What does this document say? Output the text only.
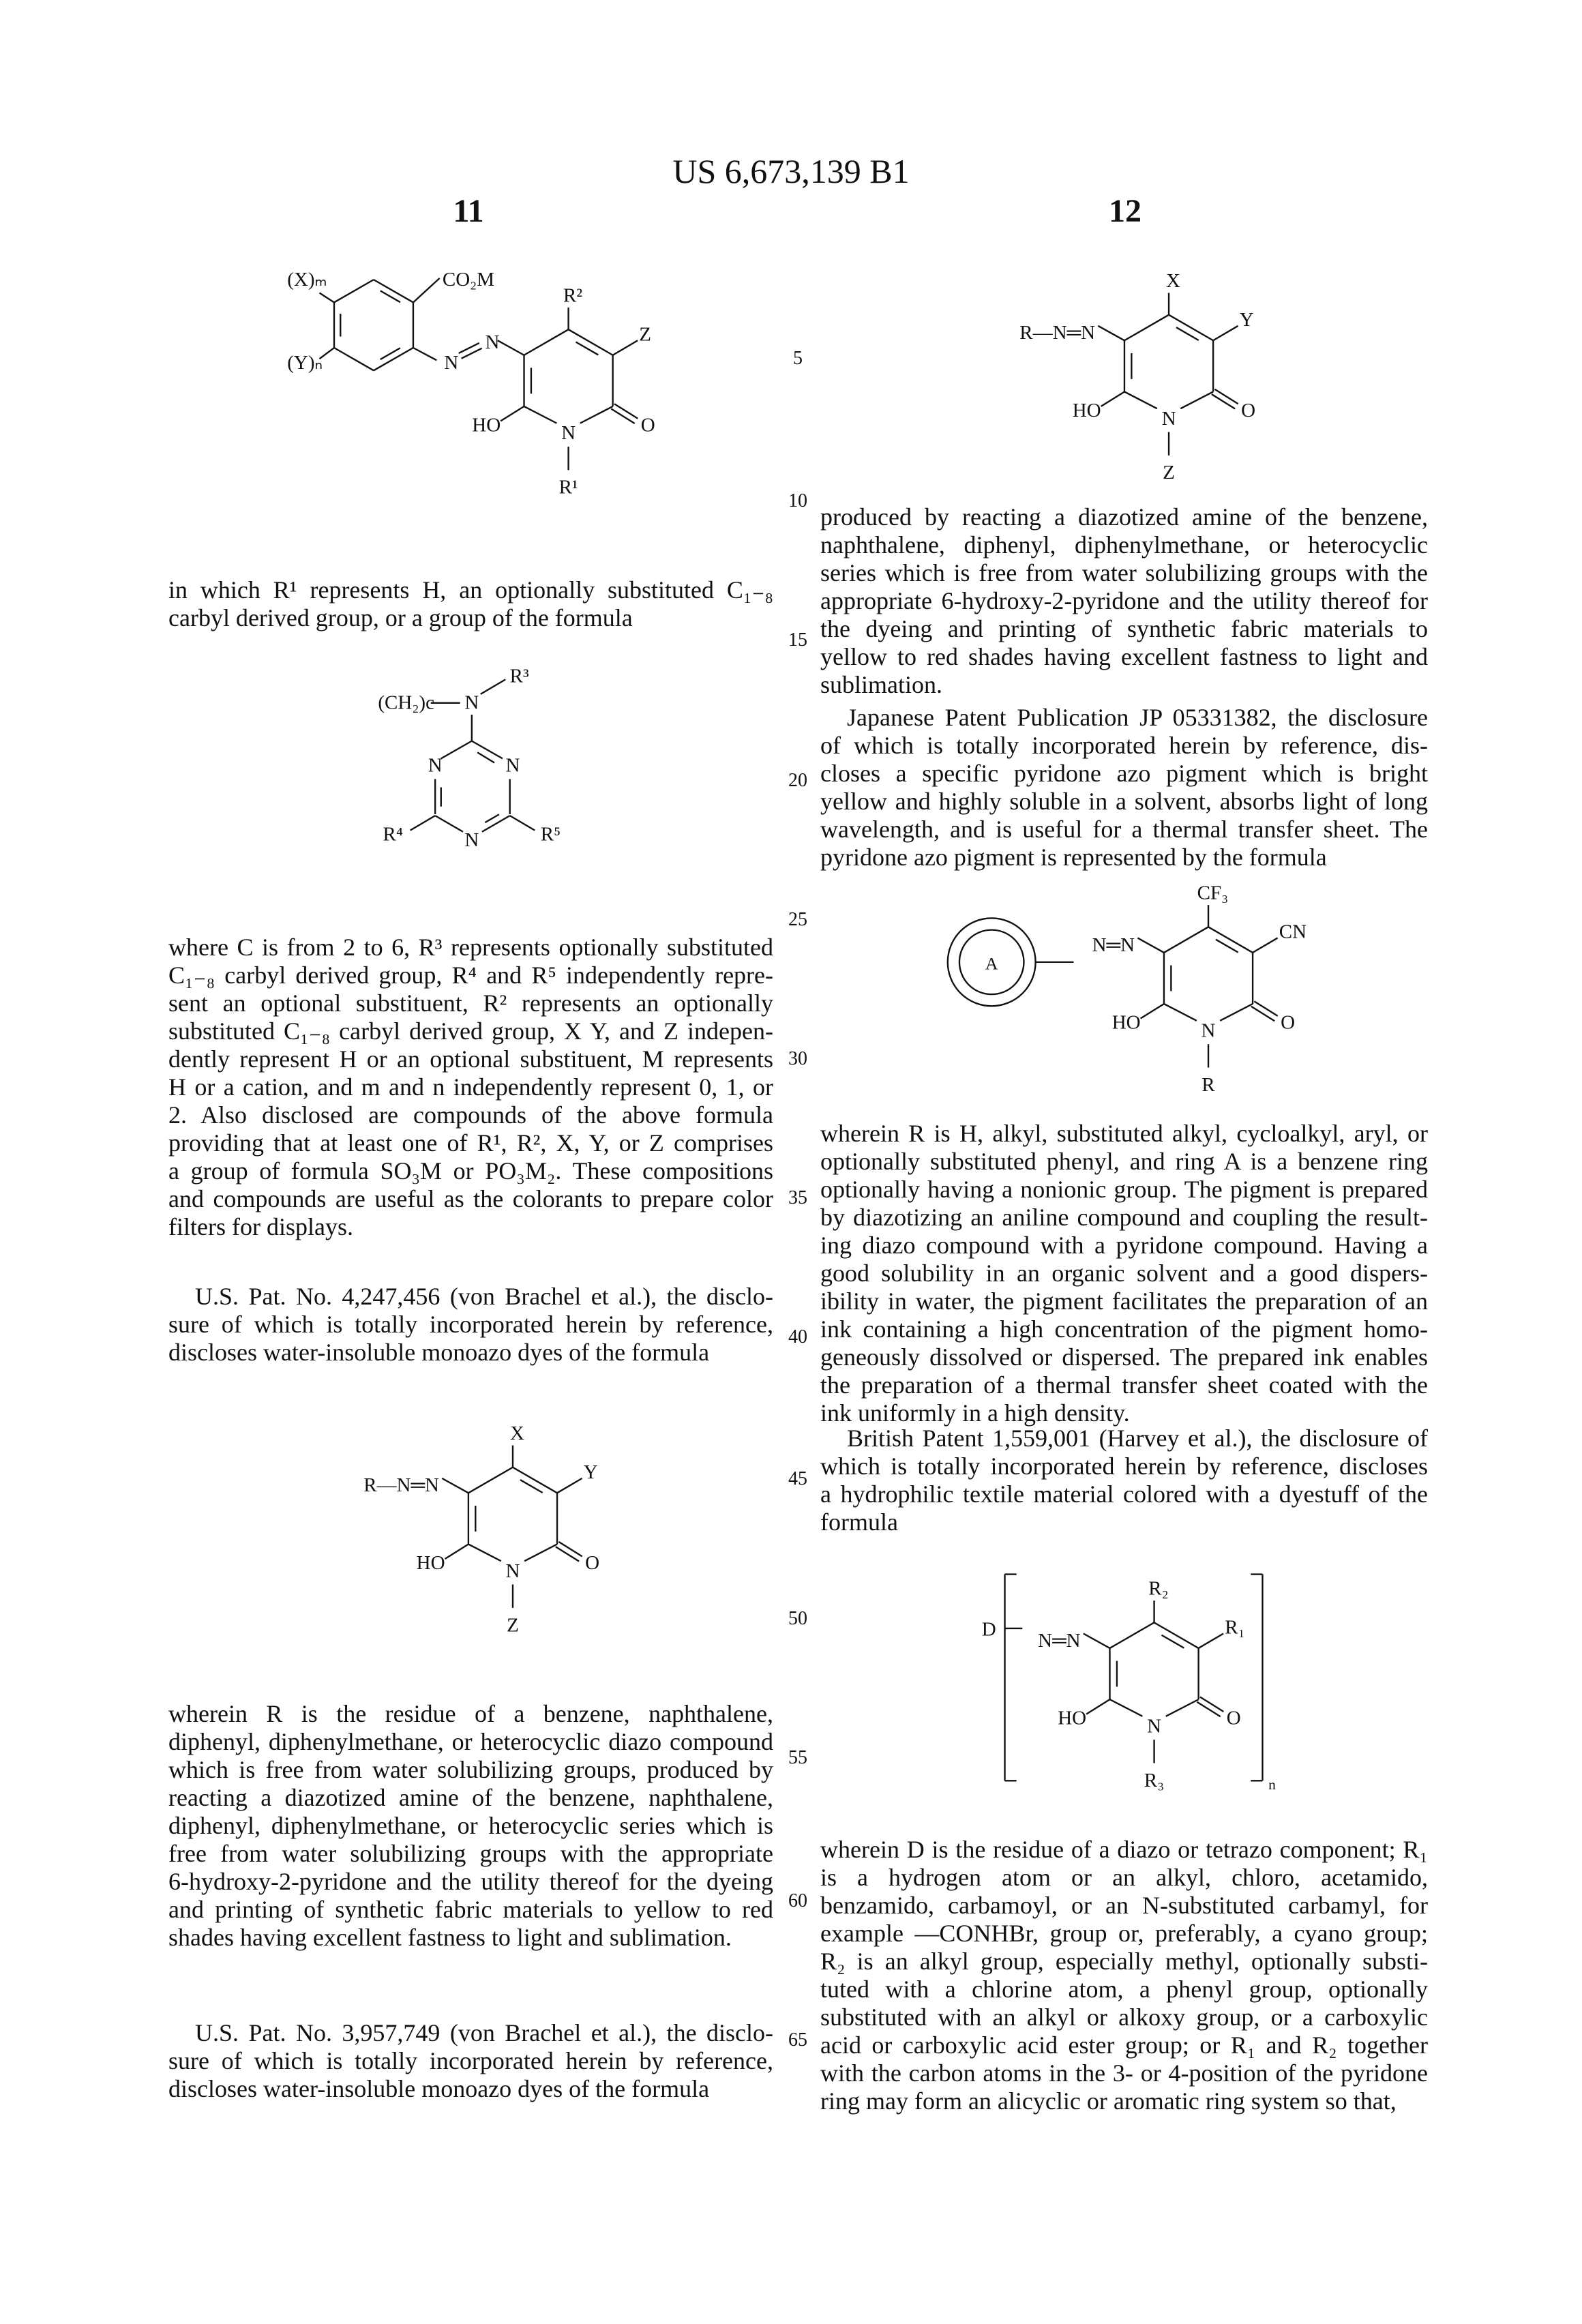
US 6,673,139 B1
11	12
5
10
15
20
25
30
35
40
45
50
55
60
65
in which R¹ represents H, an optionally substituted C₁₋₈
carbyl derived group, or a group of the formula
where C is from 2 to 6, R³ represents optionally substituted
C₁₋₈ carbyl derived group, R⁴ and R⁵ independently repre-
sent an optional substituent, R² represents an optionally
substituted C₁₋₈ carbyl derived group, X Y, and Z indepen-
dently represent H or an optional substituent, M represents
H or a cation, and m and n independently represent 0, 1, or
2. Also disclosed are compounds of the above formula
providing that at least one of R¹, R², X, Y, or Z comprises
a group of formula SO₃M or PO₃M₂. These compositions
and compounds are useful as the colorants to prepare color
filters for displays.
U.S. Pat. No. 4,247,456 (von Brachel et al.), the disclo-
sure of which is totally incorporated herein by reference,
discloses water-insoluble monoazo dyes of the formula
wherein R is the residue of a benzene, naphthalene,
diphenyl, diphenylmethane, or heterocyclic diazo compound
which is free from water solubilizing groups, produced by
reacting a diazotized amine of the benzene, naphthalene,
diphenyl, diphenylmethane, or heterocyclic series which is
free from water solubilizing groups with the appropriate
6-hydroxy-2-pyridone and the utility thereof for the dyeing
and printing of synthetic fabric materials to yellow to red
shades having excellent fastness to light and sublimation.
U.S. Pat. No. 3,957,749 (von Brachel et al.), the disclo-
sure of which is totally incorporated herein by reference,
discloses water-insoluble monoazo dyes of the formula
produced by reacting a diazotized amine of the benzene,
naphthalene, diphenyl, diphenylmethane, or heterocyclic
series which is free from water solubilizing groups with the
appropriate 6-hydroxy-2-pyridone and the utility thereof for
the dyeing and printing of synthetic fabric materials to
yellow to red shades having excellent fastness to light and
sublimation.
Japanese Patent Publication JP 05331382, the disclosure
of which is totally incorporated herein by reference, dis-
closes a specific pyridone azo pigment which is bright
yellow and highly soluble in a solvent, absorbs light of long
wavelength, and is useful for a thermal transfer sheet. The
pyridone azo pigment is represented by the formula
wherein R is H, alkyl, substituted alkyl, cycloalkyl, aryl, or
optionally substituted phenyl, and ring A is a benzene ring
optionally having a nonionic group. The pigment is prepared
by diazotizing an aniline compound and coupling the result-
ing diazo compound with a pyridone compound. Having a
good solubility in an organic solvent and a good dispers-
ibility in water, the pigment facilitates the preparation of an
ink containing a high concentration of the pigment homo-
geneously dissolved or dispersed. The prepared ink enables
the preparation of a thermal transfer sheet coated with the
ink uniformly in a high density.
British Patent 1,559,001 (Harvey et al.), the disclosure of
which is totally incorporated herein by reference, discloses
a hydrophilic textile material colored with a dyestuff of the
formula
wherein D is the residue of a diazo or tetrazo component; R₁
is a hydrogen atom or an alkyl, chloro, acetamido,
benzamido, carbamoyl, or an N-substituted carbamyl, for
example —CONHBr, group or, preferably, a cyano group;
R₂ is an alkyl group, especially methyl, optionally substi-
tuted with a chlorine atom, a phenyl group, optionally
substituted with an alkyl or alkoxy group, or a carboxylic
acid or carboxylic acid ester group; or R₁ and R₂ together
with the carbon atoms in the 3- or 4-position of the pyridone
ring may form an alicyclic or aromatic ring system so that,
CO₂M
(X)ₘ
(Y)ₙ	N
N
R²
Z
O
HO	N
R¹
(CH₂)c	N
R³
N	N
N
R⁴	R⁵
X
Y
O
HO	N
Z
R—N═N
X
Y
O
HO	N
Z
R—N═N
CF₃
CN
O
HO	N
R
N═N
A
R₂
R₁
O
HO	N
R₃
N═N
D
n
